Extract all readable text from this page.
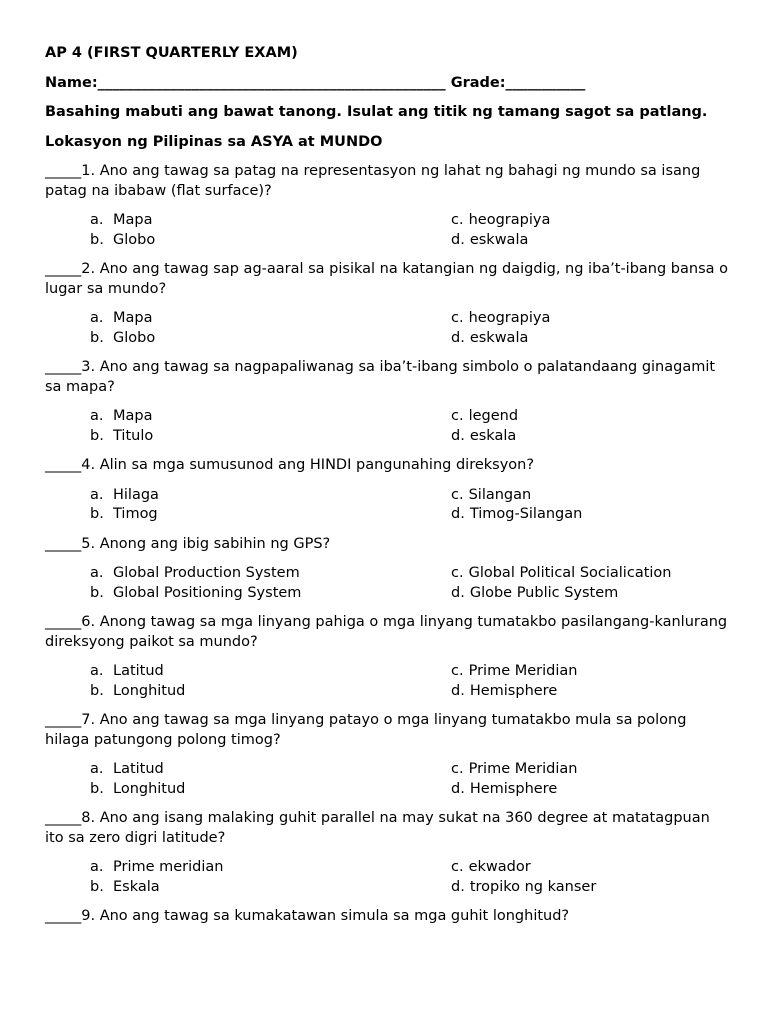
AP 4 (FIRST QUARTERLY EXAM)
Name:________________________________________________ Grade:___________
Basahing mabuti ang bawat tanong. Isulat ang titik ng tamang sagot sa patlang.
Lokasyon ng Pilipinas sa ASYA at MUNDO

_____1. Ano ang tawag sa patag na representasyon ng lahat ng bahagi ng mundo sa isang patag na ibabaw (flat surface)?

a. Mapa	c. heograpiya
b. Globo	d. eskwala

_____2. Ano ang tawag sap ag-aaral sa pisikal na katangian ng daigdig, ng iba’t-ibang bansa o lugar sa mundo?

a. Mapa	c. heograpiya
b. Globo	d. eskwala

_____3. Ano ang tawag sa nagpapaliwanag sa iba’t-ibang simbolo o palatandaang ginagamit sa mapa?

a. Mapa	c. legend
b. Titulo	d. eskala

_____4. Alin sa mga sumusunod ang HINDI pangunahing direksyon?

a. Hilaga	c. Silangan
b. Timog	d. Timog-Silangan

_____5. Anong ang ibig sabihin ng GPS?

a. Global Production System	c. Global Political Socialication
b. Global Positioning System	d. Globe Public System

_____6. Anong tawag sa mga linyang pahiga o mga linyang tumatakbo pasilangang-kanlurang direksyong paikot sa mundo?

a. Latitud	c. Prime Meridian
b. Longhitud	d. Hemisphere

_____7. Ano ang tawag sa mga linyang patayo o mga linyang tumatakbo mula sa polong hilaga patungong polong timog?

a. Latitud	c. Prime Meridian
b. Longhitud	d. Hemisphere

_____8. Ano ang isang malaking guhit parallel na may sukat na 360 degree at matatagpuan ito sa zero digri latitude?

a. Prime meridian	c. ekwador
b. Eskala	d. tropiko ng kanser

_____9. Ano ang tawag sa kumakatawan simula sa mga guhit longhitud?
